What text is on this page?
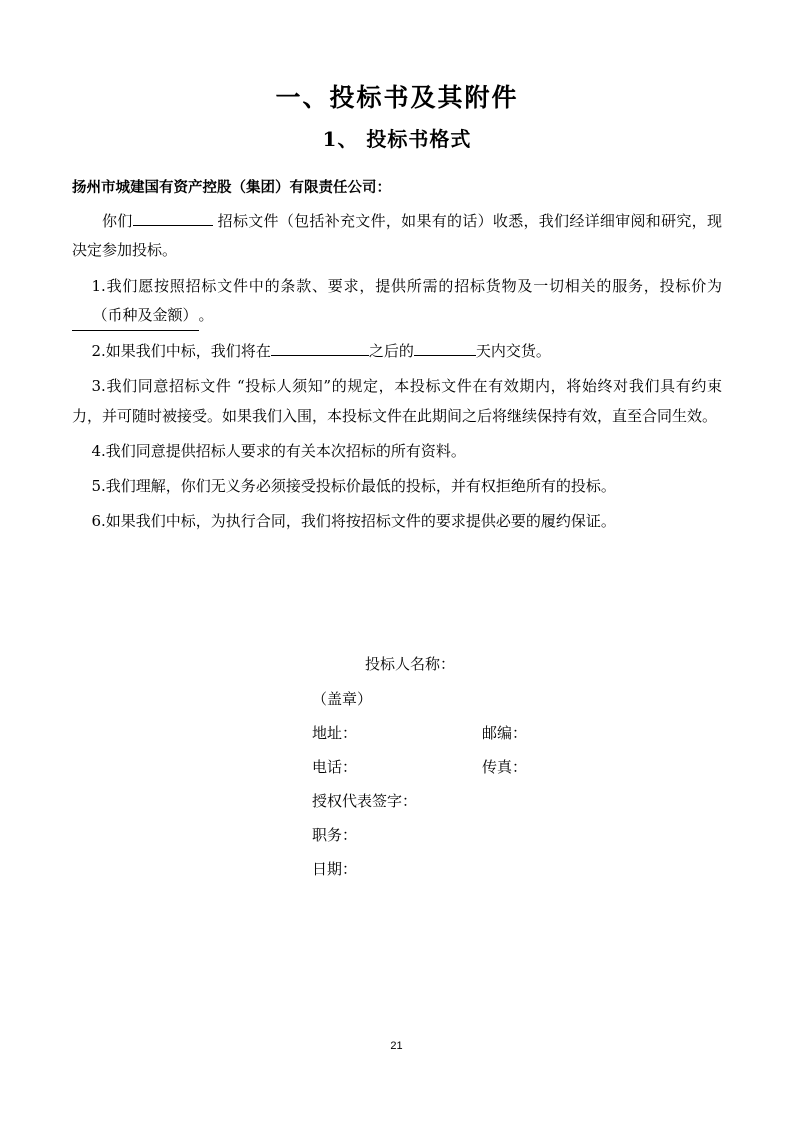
一、投标书及其附件
1、 投标书格式
扬州市城建国有资产控股（集团）有限责任公司：

你们	招标文件（包括补充文件，如果有的话）收悉，我们经详细审阅和研究，现决定参加投标。

1.我们愿按照招标文件中的条款、要求，提供所需的招标货物及一切相关的服务，投标价为（币种及金额）。

2.如果我们中标，我们将在	之后的	天内交货。

3.我们同意招标文件 “投标人须知”的规定，本投标文件在有效期内，将始终对我们具有约束力，并可随时被接受。如果我们入围，本投标文件在此期间之后将继续保持有效，直至合同生效。

4.我们同意提供招标人要求的有关本次招标的所有资料。

5.我们理解，你们无义务必须接受投标价最低的投标，并有权拒绝所有的投标。

6.如果我们中标，为执行合同，我们将按招标文件的要求提供必要的履约保证。

投标人名称：
（盖章）
地址：	邮编：
电话：	传真：
授权代表签字：
职务：
日期：
21
